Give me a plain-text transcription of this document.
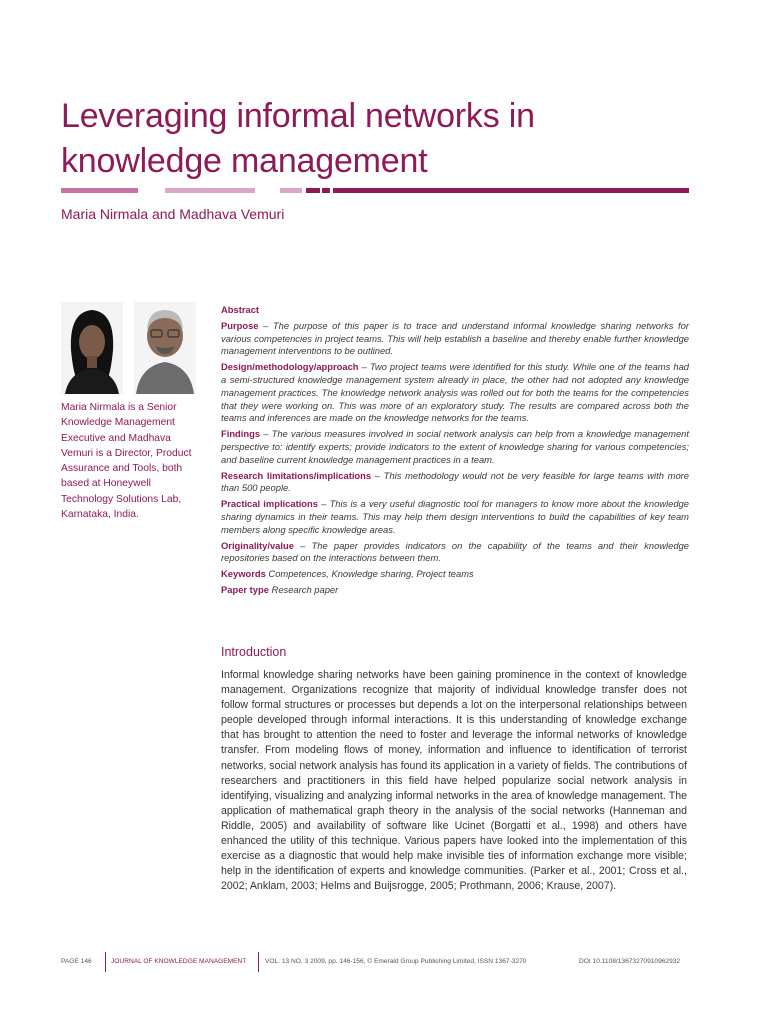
Leveraging informal networks in knowledge management
Maria Nirmala and Madhava Vemuri
Maria Nirmala is a Senior Knowledge Management Executive and Madhava Vemuri is a Director, Product Assurance and Tools, both based at Honeywell Technology Solutions Lab, Karnataka, India.
Abstract
Purpose – The purpose of this paper is to trace and understand informal knowledge sharing networks for various competencies in project teams. This will help establish a baseline and thereby enable further knowledge management interventions to be outlined.
Design/methodology/approach – Two project teams were identified for this study. While one of the teams had a semi-structured knowledge management system already in place, the other had not adopted any knowledge management practices. The knowledge network analysis was rolled out for both the teams for the competencies that they were working on. This was more of an exploratory study. The results are compared across both the teams and inferences are made on the knowledge networks for the teams.
Findings – The various measures involved in social network analysis can help from a knowledge management perspective to: identify experts; provide indicators to the extent of knowledge sharing for various competencies; and baseline current knowledge management practices in a team.
Research limitations/implications – This methodology would not be very feasible for large teams with more than 500 people.
Practical implications – This is a very useful diagnostic tool for managers to know more about the knowledge sharing dynamics in their teams. This may help them design interventions to build the capabilities of key team members along specific knowledge areas.
Originality/value – The paper provides indicators on the capability of the teams and their knowledge repositories based on the interactions between them.
Keywords Competences, Knowledge sharing, Project teams
Paper type Research paper
Introduction

Informal knowledge sharing networks have been gaining prominence in the context of knowledge management. Organizations recognize that majority of individual knowledge transfer does not follow formal structures or processes but depends a lot on the interpersonal relationships between people developed through informal interactions. It is this understanding of knowledge exchange that has brought to attention the need to foster and leverage the informal networks of knowledge transfer. From modeling flows of money, information and influence to identification of terrorist networks, social network analysis has found its application in a variety of fields. The contributions of researchers and practitioners in this field have helped popularize social network analysis in identifying, visualizing and analyzing informal networks in the area of knowledge management. The application of mathematical graph theory in the analysis of the social networks (Hanneman and Riddle, 2005) and availability of software like Ucinet (Borgatti et al., 1998) and others have enhanced the utility of this technique. Various papers have looked into the implementation of this exercise as a diagnostic that would help make invisible ties of information exchange more visible; help in the identification of experts and knowledge communities. (Parker et al., 2001; Cross et al., 2002; Anklam, 2003; Helms and Buijsrogge, 2005; Prothmann, 2006; Krause, 2007).

PAGE 146	JOURNAL OF KNOWLEDGE MANAGEMENT	VOL. 13 NO. 3 2009, pp. 146-156, © Emerald Group Publishing Limited, ISSN 1367-3270	DOI 10.1108/13673270910962932
